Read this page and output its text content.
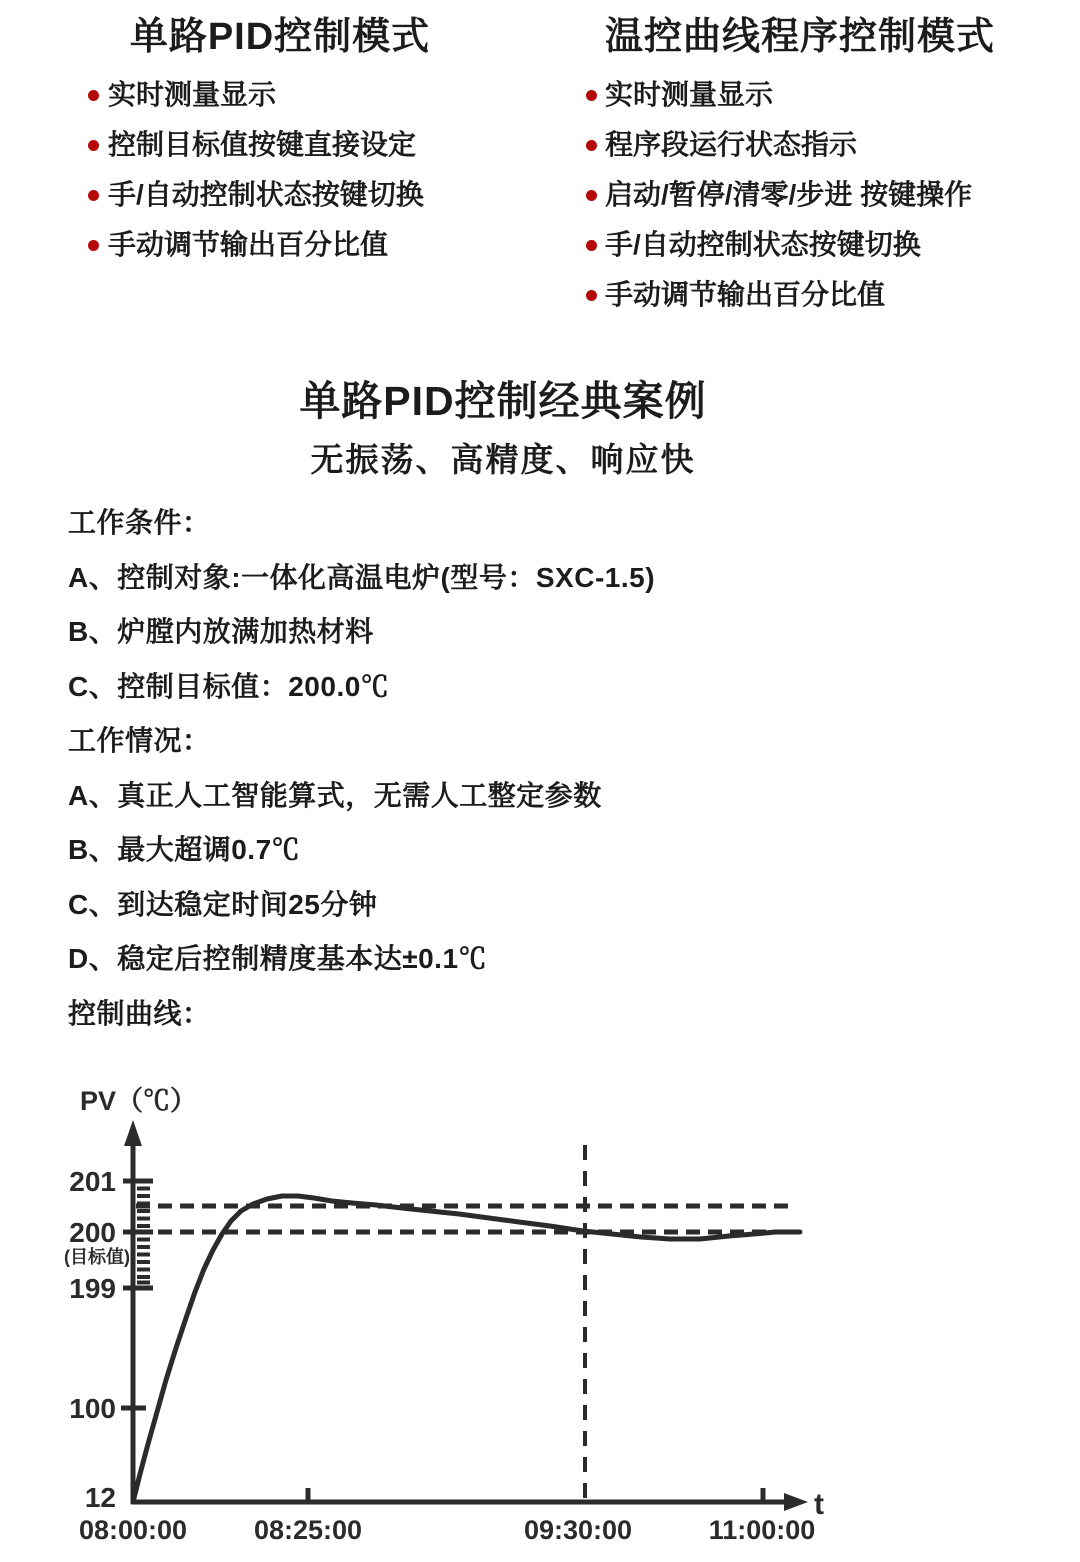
单路PID控制模式
实时测量显示
控制目标值按键直接设定
手/自动控制状态按键切换
手动调节输出百分比值
温控曲线程序控制模式
实时测量显示
程序段运行状态指示
启动/暂停/清零/步进 按键操作
手/自动控制状态按键切换
手动调节输出百分比值
单路PID控制经典案例
无振荡、高精度、响应快
工作条件：
A、控制对象:一体化高温电炉(型号：SXC-1.5)
B、炉膛内放满加热材料
C、控制目标值：200.0℃
工作情况：
A、真正人工智能算式，无需人工整定参数
B、最大超调0.7℃
C、到达稳定时间25分钟
D、稳定后控制精度基本达±0.1℃
控制曲线：
PV（℃）
t
201
200
199
100
12
(目标值)
08:00:00 08:25:00	09:30:00	11:00:00
